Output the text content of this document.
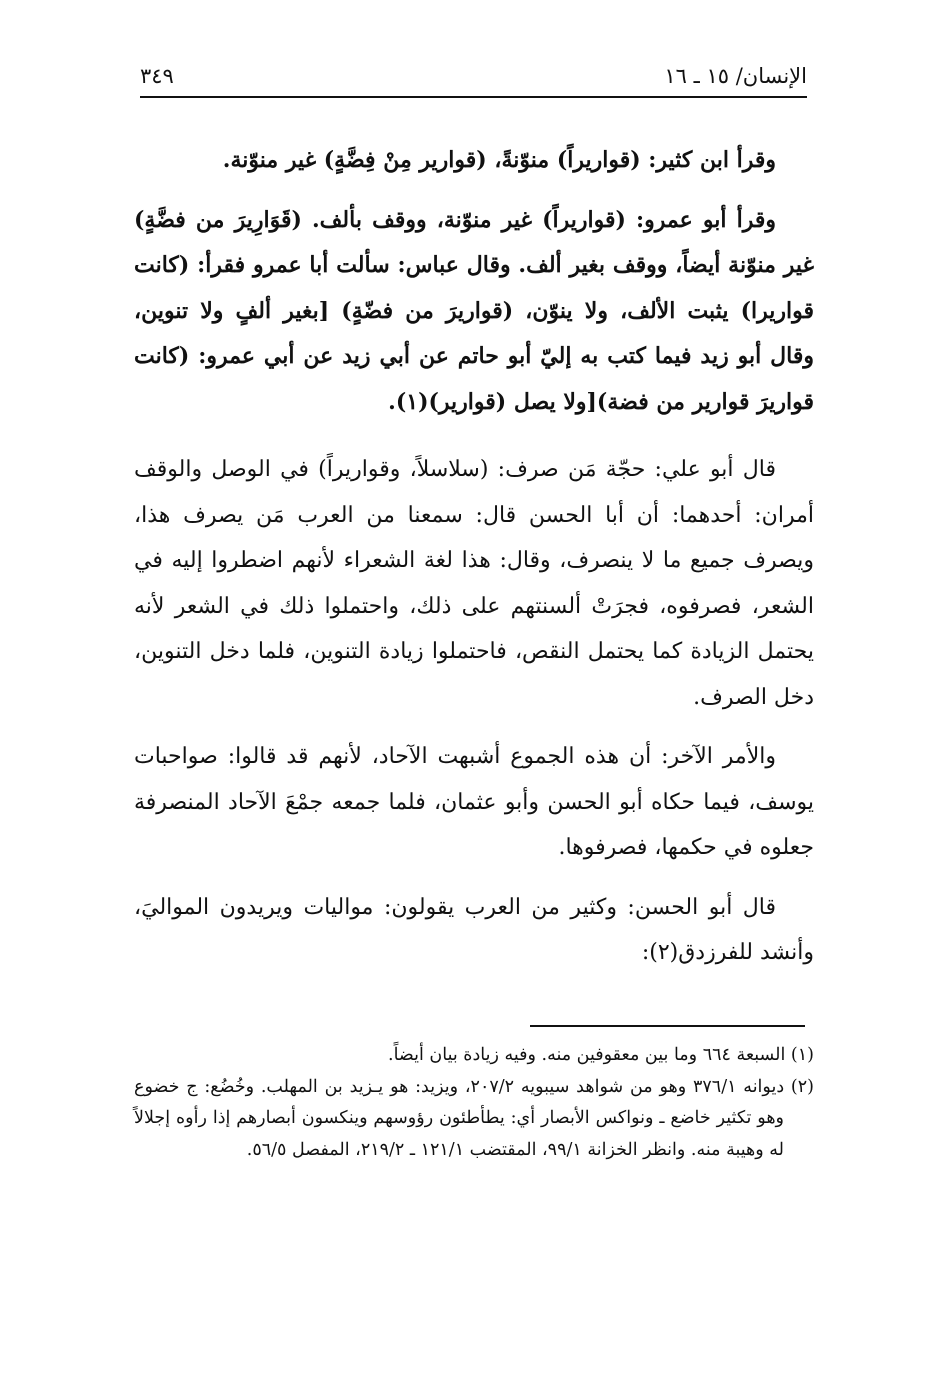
الإنسان/ ١٥ ـ ١٦
٣٤٩

وقرأ ابن كثير: (قواريراً) منوّنةً، (قوارير مِنْ فِضَّةٍ) غير منوّنة.

وقرأ أبو عمرو: (قواريراً) غير منوّنة، ووقف بألف. (قَوَارِيرَ من فضَّةٍ) غير منوّنة أيضاً، ووقف بغير ألف. وقال عباس: سألت أبا عمرو فقرأ: (كانت قواريرا) يثبت الألف، ولا ينوّن، (قواريرَ من فضّةٍ) [بغير ألفٍ ولا تنوين، وقال أبو زيد فيما كتب به إليّ أبو حاتم عن أبي زيد عن أبي عمرو: (كانت قواريرَ قوارير من فضة)[ولا يصل (قوارير)(١).

قال أبو علي: حجّة مَن صرف: (سلاسلاً، وقواريراً) في الوصل والوقف أمران: أحدهما: أن أبا الحسن قال: سمعنا من العرب مَن يصرف هذا، ويصرف جميع ما لا ينصرف، وقال: هذا لغة الشعراء لأنهم اضطروا إليه في الشعر، فصرفوه، فجرَتْ ألسنتهم على ذلك، واحتملوا ذلك في الشعر لأنه يحتمل الزيادة كما يحتمل النقص، فاحتملوا زيادة التنوين، فلما دخل التنوين، دخل الصرف.

والأمر الآخر: أن هذه الجموع أشبهت الآحاد، لأنهم قد قالوا: صواحبات يوسف، فيما حكاه أبو الحسن وأبو عثمان، فلما جمعه جمْعَ الآحاد المنصرفة جعلوه في حكمها، فصرفوها.

قال أبو الحسن: وكثير من العرب يقولون: مواليات ويريدون المواليَ، وأنشد للفرزدق(٢):

(١) السبعة ٦٦٤ وما بين معقوفين منه. وفيه زيادة بيان أيضاً.

(٢) ديوانه ٣٧٦/١ وهو من شواهد سيبويه ٢٠٧/٢، ويزيد: هو يـزيد بن المهلب. وخُضُع: ج خضوع وهو تكثير خاضع ـ ونواكس الأبصار أي: يطأطئون رؤوسهم وينكسون أبصارهم إذا رأوه إجلالاً له وهيبة منه. وانظر الخزانة ٩٩/١، المقتضب ١٢١/١ ـ ٢١٩/٢، المفصل ٥٦/٥.
